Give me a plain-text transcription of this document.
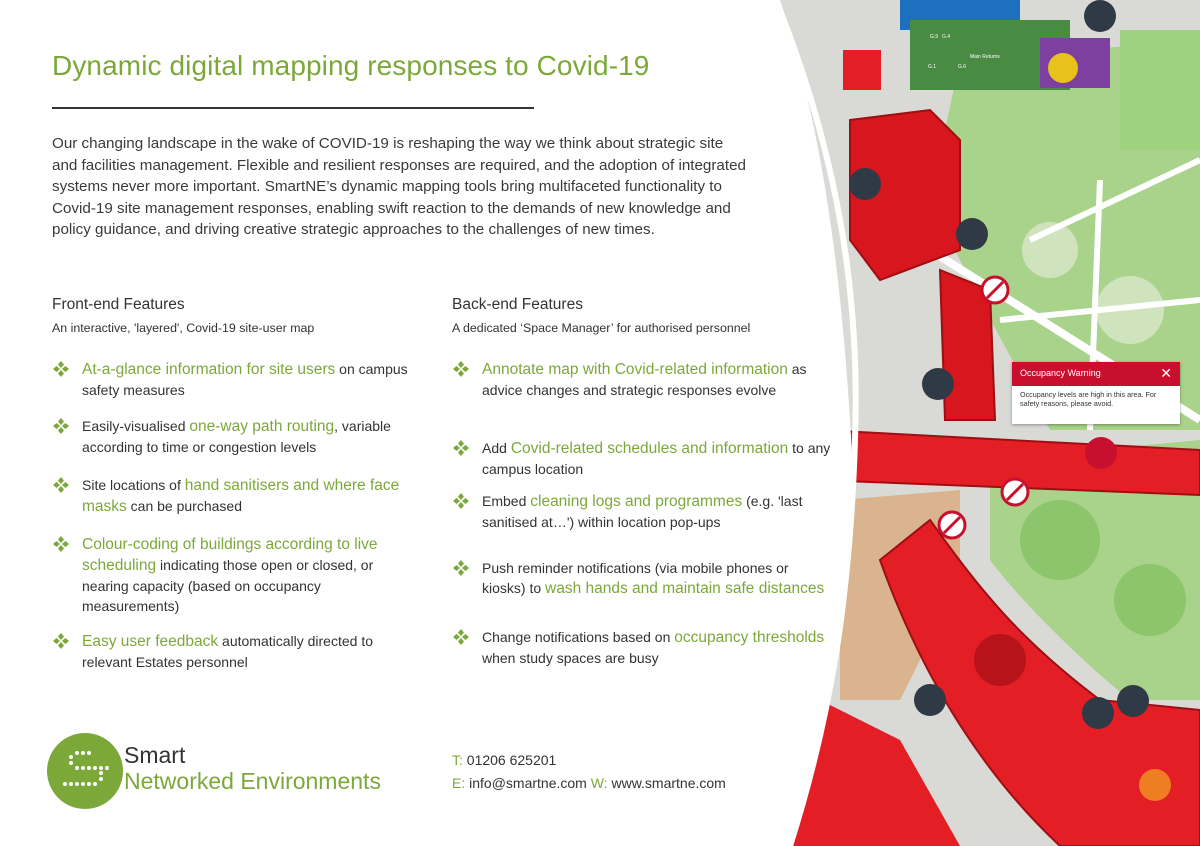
Main Returns
G.6
G.1
G.9 G.4
Occupancy Warning	✕
Occupancy levels are high in this area. For safety reasons, please avoid.
Dynamic digital mapping responses to Covid-19

Our changing landscape in the wake of COVID-19 is reshaping the way we think about strategic site and facilities management. Flexible and resilient responses are required, and the adoption of integrated systems never more important. SmartNE’s dynamic mapping tools bring multifaceted functionality to Covid-19 site management responses, enabling swift reaction to the demands of new knowledge and policy guidance, and driving creative strategic approaches to the challenges of new times.

Front-end Features
An interactive, 'layered', Covid-19 site-user map
Back-end Features
A dedicated ‘Space Manager’ for authorised personnel
At-a-glance information for site users on campus safety measures
Easily-visualised one-way path routing, variable according to time or congestion levels
Site locations of hand sanitisers and where face masks can be purchased
Colour-coding of buildings according to live scheduling indicating those open or closed, or nearing capacity (based on occupancy measurements)
Easy user feedback automatically directed to relevant Estates personnel
Annotate map with Covid-related information as advice changes and strategic responses evolve
Add Covid-related schedules and information to any campus location
Embed cleaning logs and programmes (e.g. 'last sanitised at…') within location pop-ups
Push reminder notifications (via mobile phones or kiosks) to wash hands and maintain safe distances
Change notifications based on occupancy thresholds when study spaces are busy
Smart
Networked Environments
T: 01206 625201
E: info@smartne.com W: www.smartne.com
